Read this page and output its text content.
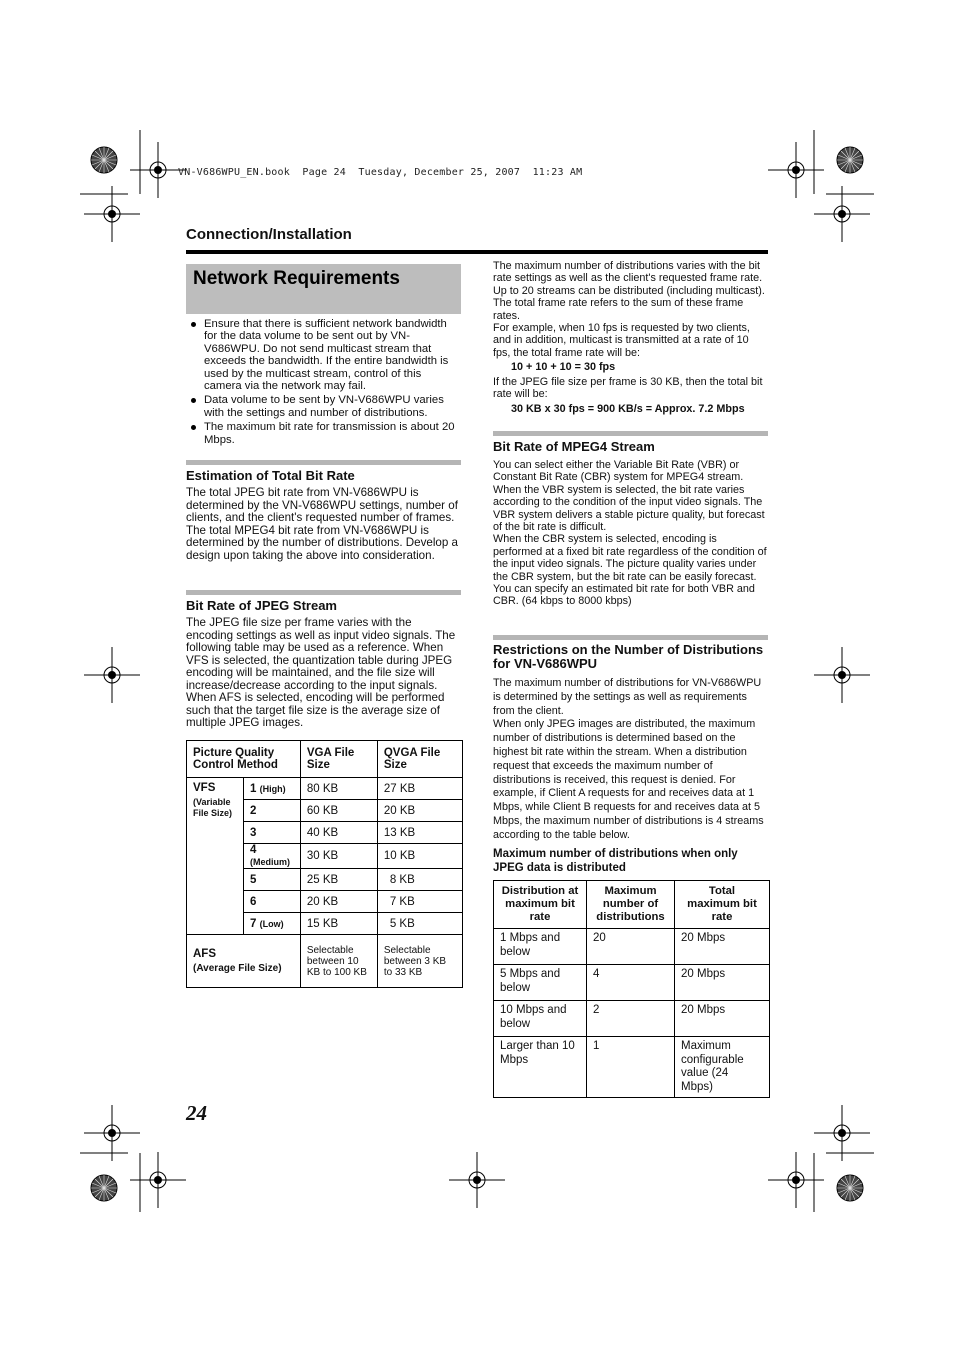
VN-V686WPU_EN.book  Page 24  Tuesday, December 25, 2007  11:23 AM
Connection/Installation
Network Requirements
Ensure that there is sufficient network bandwidth for the data volume to be sent out by VN-V686WPU. Do not send multicast stream that exceeds the bandwidth. If the entire bandwidth is used by the multicast stream, control of this camera via the network may fail.
Data volume to be sent by VN-V686WPU varies with the settings and number of distributions.
The maximum bit rate for transmission is about 20 Mbps.
Estimation of Total Bit Rate

The total JPEG bit rate from VN-V686WPU is determined by the VN-V686WPU settings, number of clients, and the client's requested number of frames. The total MPEG4 bit rate from VN-V686WPU is determined by the number of distributions. Develop a design upon taking the above into consideration.

Bit Rate of JPEG Stream

The JPEG file size per frame varies with the encoding settings as well as input video signals. The following table may be used as a reference. When VFS is selected, the quantization table during JPEG encoding will be maintained, and the file size will increase/decrease according to the input signals. When AFS is selected, encoding will be performed such that the target file size is the average size of multiple JPEG images.

Picture Quality Control Method		VGA File Size	QVGA File Size

VFS
(Variable File Size)	1 (High)	80 KB	27 KB
	2	60 KB	20 KB
	3	40 KB	13 KB
	4 (Medium)	30 KB	10 KB
	5	25 KB	8 KB
	6	20 KB	7 KB
	7 (Low)	15 KB	5 KB

AFS
(Average File Size)		Selectable between 10 KB to 100 KB	Selectable between 3 KB to 33 KB
24

The maximum number of distributions varies with the bit rate settings as well as the client's requested frame rate. Up to 20 streams can be distributed (including multicast). The total frame rate refers to the sum of these frame rates.

For example, when 10 fps is requested by two clients, and in addition, multicast is transmitted at a rate of 10 fps, the total frame rate will be:

10 + 10 + 10 = 30 fps

If the JPEG file size per frame is 30 KB, then the total bit rate will be:

30 KB x 30 fps = 900 KB/s = Approx. 7.2 Mbps

Bit Rate of MPEG4 Stream

You can select either the Variable Bit Rate (VBR) or Constant Bit Rate (CBR) system for MPEG4 stream. When the VBR system is selected, the bit rate varies according to the condition of the input video signals. The VBR system delivers a stable picture quality, but forecast of the bit rate is difficult.

When the CBR system is selected, encoding is performed at a fixed bit rate regardless of the condition of the input video signals. The picture quality varies under the CBR system, but the bit rate can be easily forecast.

You can specify an estimated bit rate for both VBR and CBR. (64 kbps to 8000 kbps)

Restrictions on the Number of Distributions for VN-V686WPU

The maximum number of distributions for VN-V686WPU is determined by the settings as well as requirements from the client.

When only JPEG images are distributed, the maximum number of distributions is determined based on the highest bit rate within the stream. When a distribution request that exceeds the maximum number of distributions is received, this request is denied. For example, if Client A requests for and receives data at 1 Mbps, while Client B requests for and receives data at 5 Mbps, the maximum number of distributions is 4 streams according to the table below.

Maximum number of distributions when only JPEG data is distributed

Distribution at maximum bit rate	Maximum number of distributions	Total maximum bit rate
1 Mbps and below	20	20 Mbps
5 Mbps and below	4	20 Mbps
10 Mbps and below	2	20 Mbps
Larger than 10 Mbps	1	Maximum configurable value (24 Mbps)
